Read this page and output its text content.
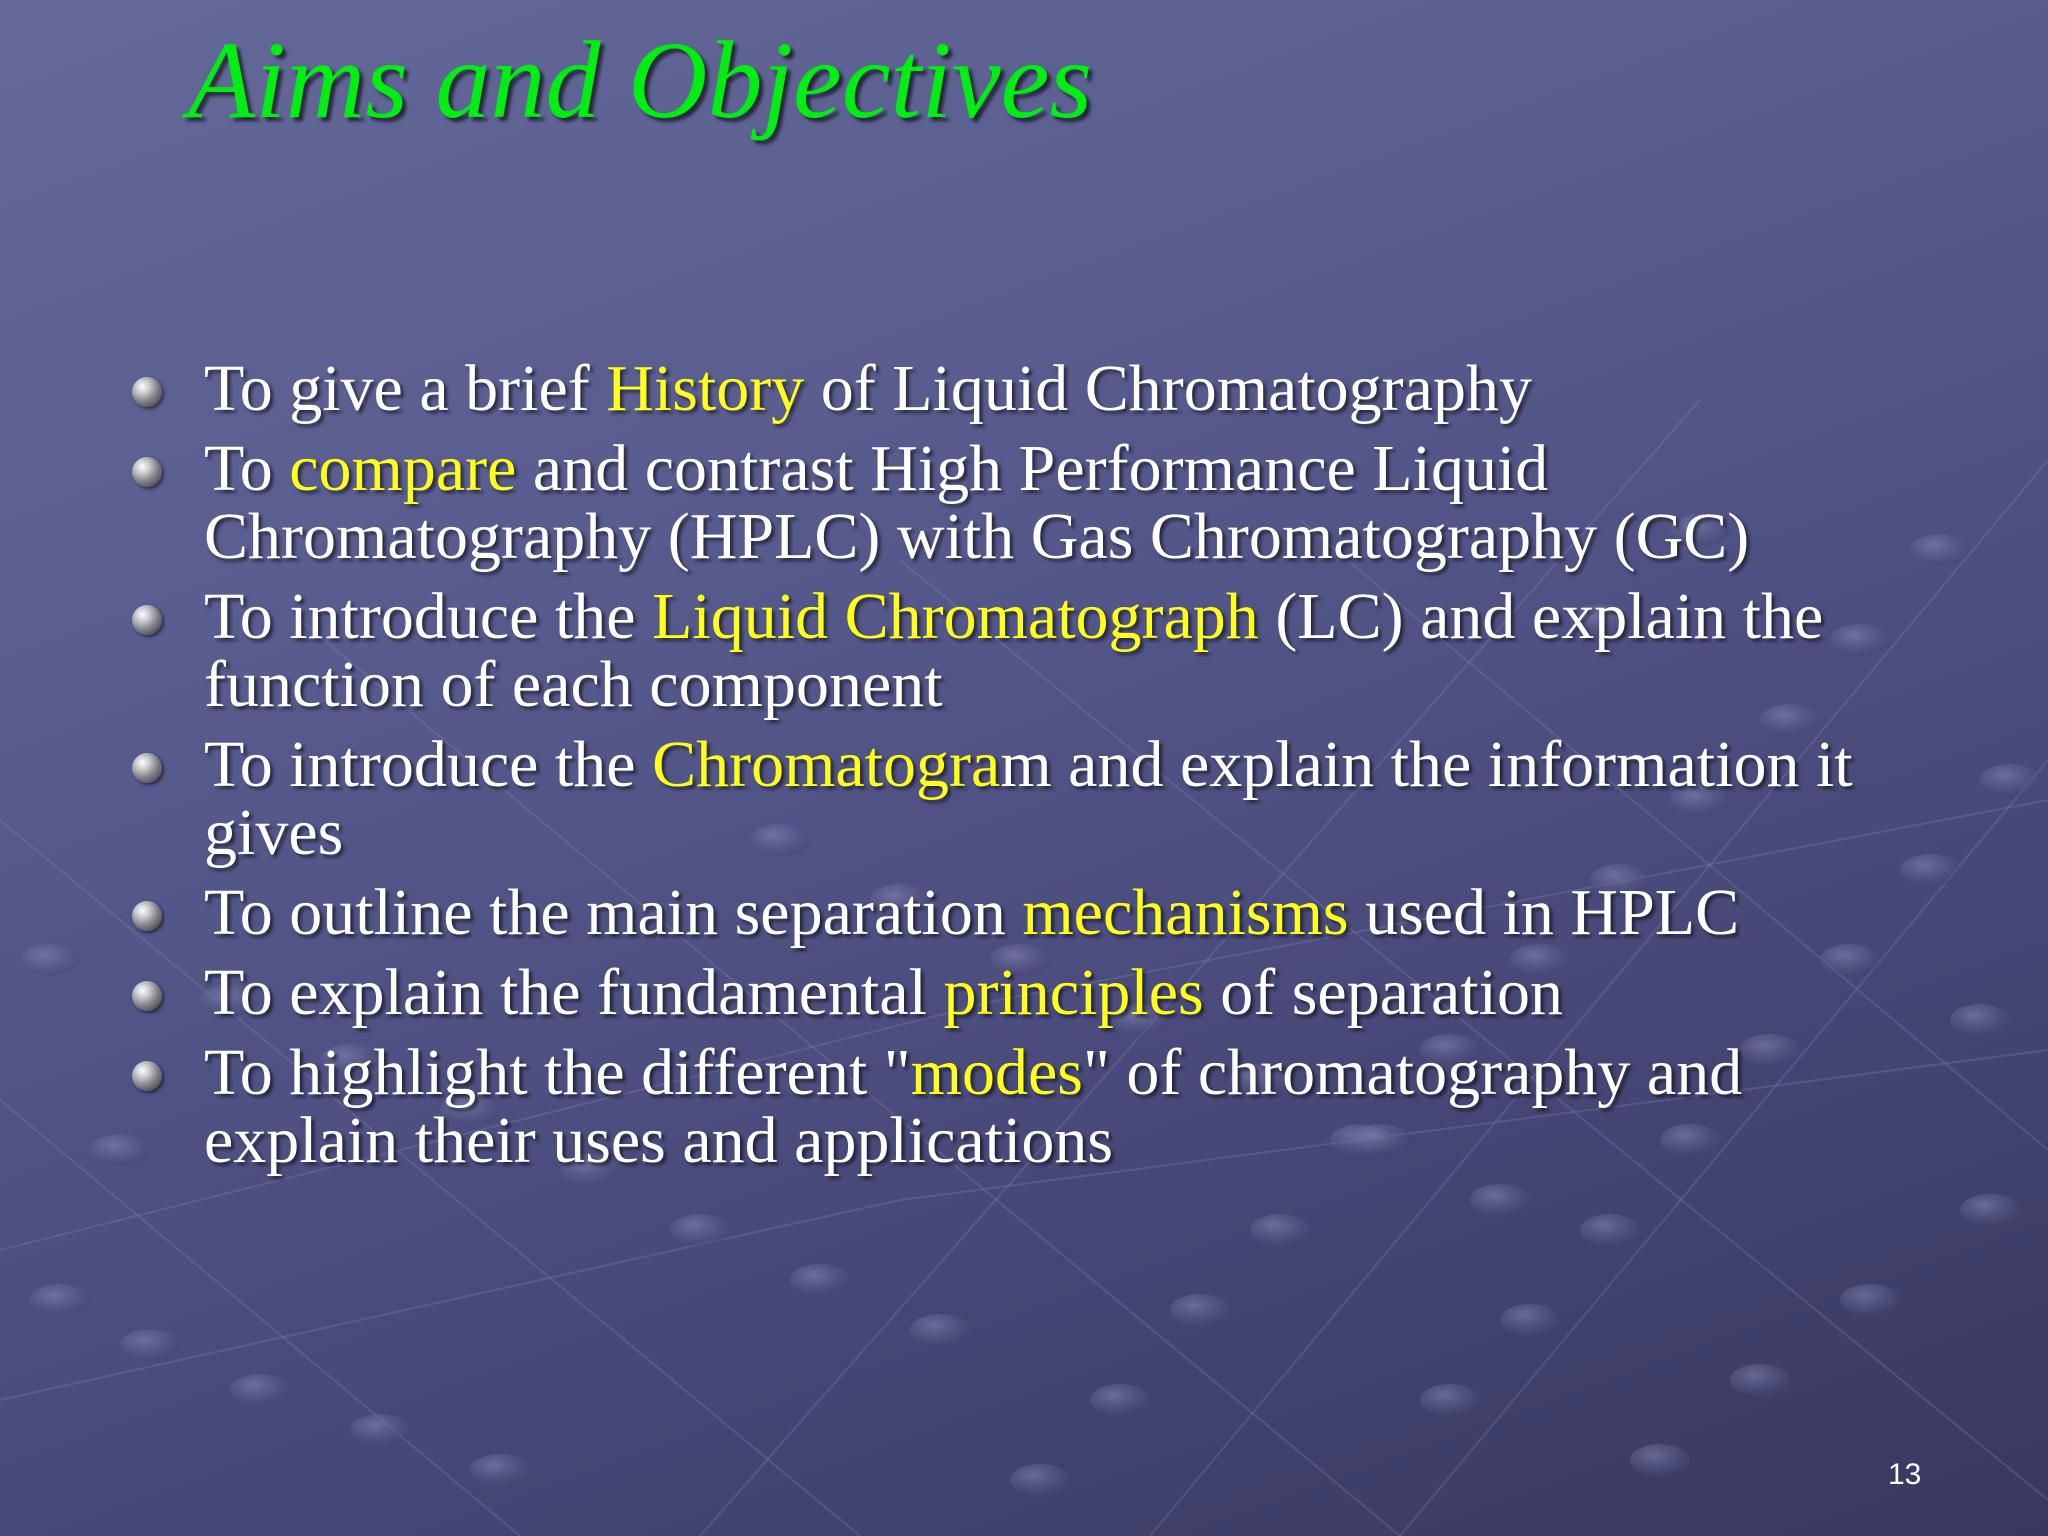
Aims and Objectives
To give a brief History of Liquid Chromatography
To compare and contrast High Performance Liquid Chromatography (HPLC) with Gas Chromatography (GC)
To introduce the Liquid Chromatograph (LC) and explain the function of each component
To introduce the Chromatogram and explain the information it gives
To outline the main separation mechanisms used in HPLC
To explain the fundamental principles of separation
To highlight the different "modes" of chromatography and explain their uses and applications
13
